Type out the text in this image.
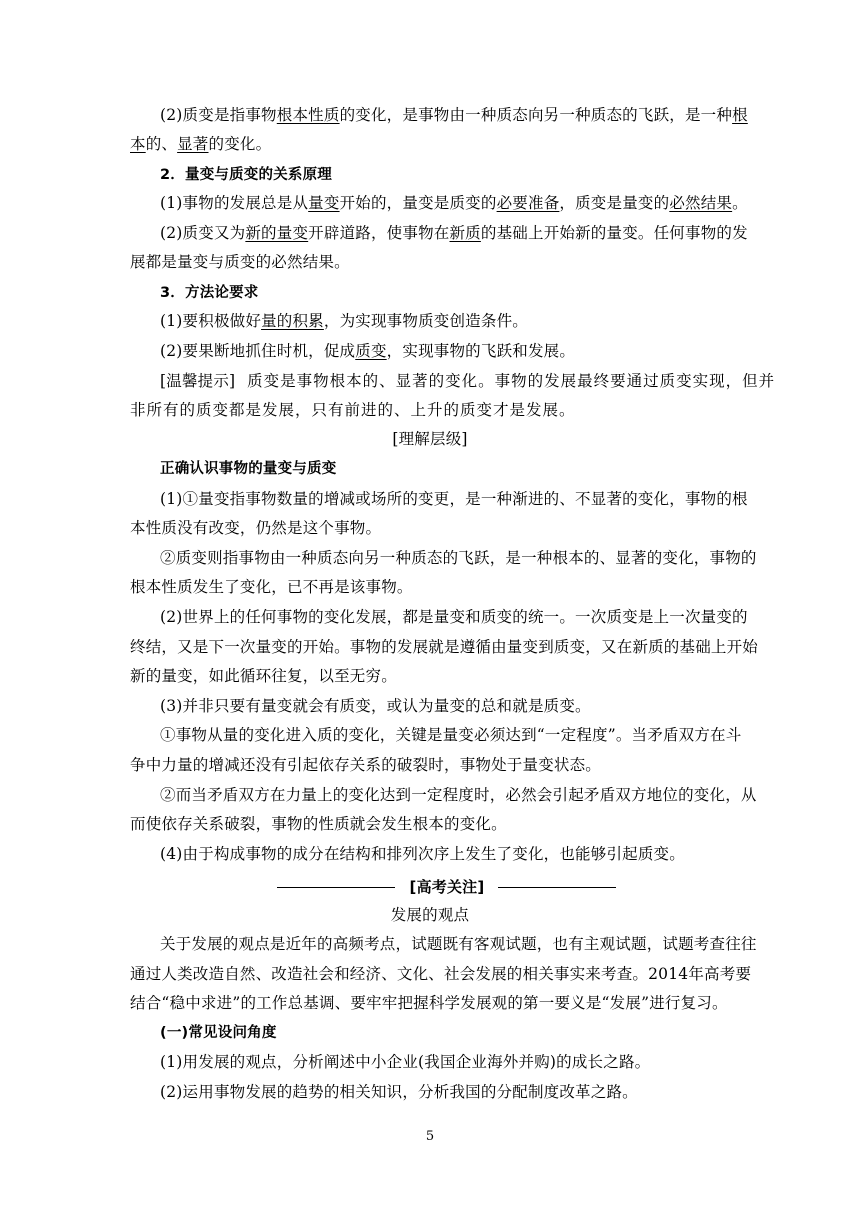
(2)质变是指事物根本性质的变化，是事物由一种质态向另一种质态的飞跃，是一种根
本的、显著的变化。
2．量变与质变的关系原理
(1)事物的发展总是从量变开始的，量变是质变的必要准备，质变是量变的必然结果。
(2)质变又为新的量变开辟道路，使事物在新质的基础上开始新的量变。任何事物的发
展都是量变与质变的必然结果。
3．方法论要求
(1)要积极做好量的积累，为实现事物质变创造条件。
(2)要果断地抓住时机，促成质变，实现事物的飞跃和发展。
[温馨提示] 质变是事物根本的、显著的变化。事物的发展最终要通过质变实现，但并
非所有的质变都是发展，只有前进的、上升的质变才是发展。
[理解层级]
正确认识事物的量变与质变
(1)①量变指事物数量的增减或场所的变更，是一种渐进的、不显著的变化，事物的根
本性质没有改变，仍然是这个事物。
②质变则指事物由一种质态向另一种质态的飞跃，是一种根本的、显著的变化，事物的
根本性质发生了变化，已不再是该事物。
(2)世界上的任何事物的变化发展，都是量变和质变的统一。一次质变是上一次量变的
终结，又是下一次量变的开始。事物的发展就是遵循由量变到质变，又在新质的基础上开始
新的量变，如此循环往复，以至无穷。
(3)并非只要有量变就会有质变，或认为量变的总和就是质变。
①事物从量的变化进入质的变化，关键是量变必须达到“一定程度”。当矛盾双方在斗
争中力量的增减还没有引起依存关系的破裂时，事物处于量变状态。
②而当矛盾双方在力量上的变化达到一定程度时，必然会引起矛盾双方地位的变化，从
而使依存关系破裂，事物的性质就会发生根本的变化。
(4)由于构成事物的成分在结构和排列次序上发生了变化，也能够引起质变。
[高考关注]
发展的观点
关于发展的观点是近年的高频考点，试题既有客观试题，也有主观试题，试题考查往往
通过人类改造自然、改造社会和经济、文化、社会发展的相关事实来考查。2014年高考要
结合“稳中求进”的工作总基调、要牢牢把握科学发展观的第一要义是“发展”进行复习。
(一)常见设问角度
(1)用发展的观点，分析阐述中小企业(我国企业海外并购)的成长之路。
(2)运用事物发展的趋势的相关知识，分析我国的分配制度改革之路。
5
